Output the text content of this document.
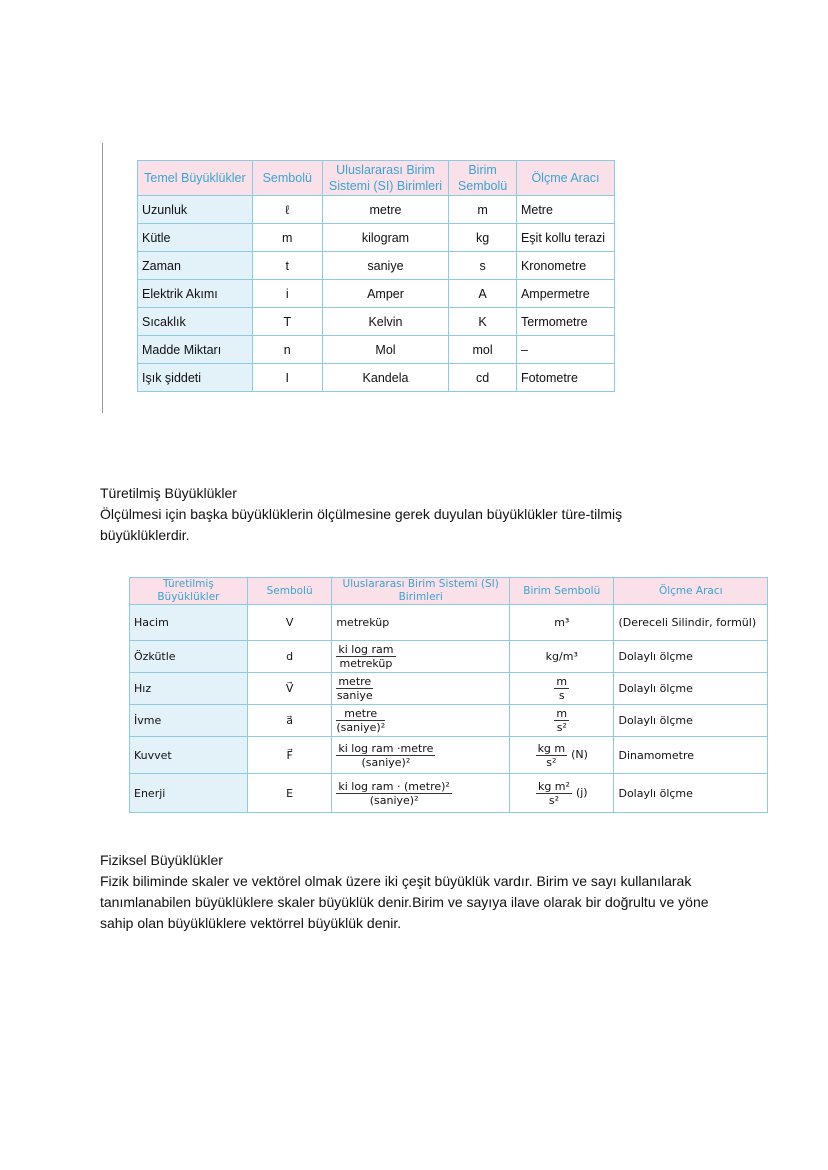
Temel Büyüklükler	Sembolü	Uluslararası Birim Sistemi (SI) Birimleri	Birim Sembolü	Ölçme Aracı
Uzunluk	ℓ	metre	m	Metre
Kütle	m	kilogram	kg	Eşit kollu terazi
Zaman	t	saniye	s	Kronometre
Elektrik Akımı	i	Amper	A	Ampermetre
Sıcaklık	T	Kelvin	K	Termometre
Madde Miktarı	n	Mol	mol	–
Işık şiddeti	I	Kandela	cd	Fotometre
Türetilmiş Büyüklükler
Ölçülmesi için başka büyüklüklerin ölçülmesine gerek duyulan büyüklükler türe-tilmiş büyüklüklerdir.
Türetilmiş Büyüklükler	Sembolü	Uluslararası Birim Sistemi (SI) Birimleri	Birim Sembolü	Ölçme Aracı
Hacim	V	metreküp	m³	(Dereceli Silindir, formül)
Özkütle	d	$\frac{\text{ki log ram}}{\text{metreküp}}$	kg/m³	Dolaylı ölçme
Hız	V⃗	$\frac{\text{metre}}{\text{saniye}}$	$\frac{m}{s}$	Dolaylı ölçme
İvme	a⃗	$\frac{\text{metre}}{\text{(saniye)²}}$	$\frac{m}{\text{s²}}$	Dolaylı ölçme
Kuvvet	F⃗	$\frac{\text{ki log ram ·metre}}{\text{(saniye)²}}$	$\frac{\text{kg m}}{\text{s²}} (N)$	Dinamometre
Enerji	E	$\frac{\text{ki log ram · (metre)²}}{\text{(saniye)²}}$	$\frac{\text{kg m²}}{\text{s²}} (j)$	Dolaylı ölçme
Fiziksel Büyüklükler
Fizik biliminde skaler ve vektörel olmak üzere iki çeşit büyüklük vardır. Birim ve sayı kullanılarak tanımlanabilen büyüklüklere skaler büyüklük denir.Birim ve sayıya ilave olarak bir doğrultu ve yöne sahip olan büyüklüklere vektörrel büyüklük denir.
